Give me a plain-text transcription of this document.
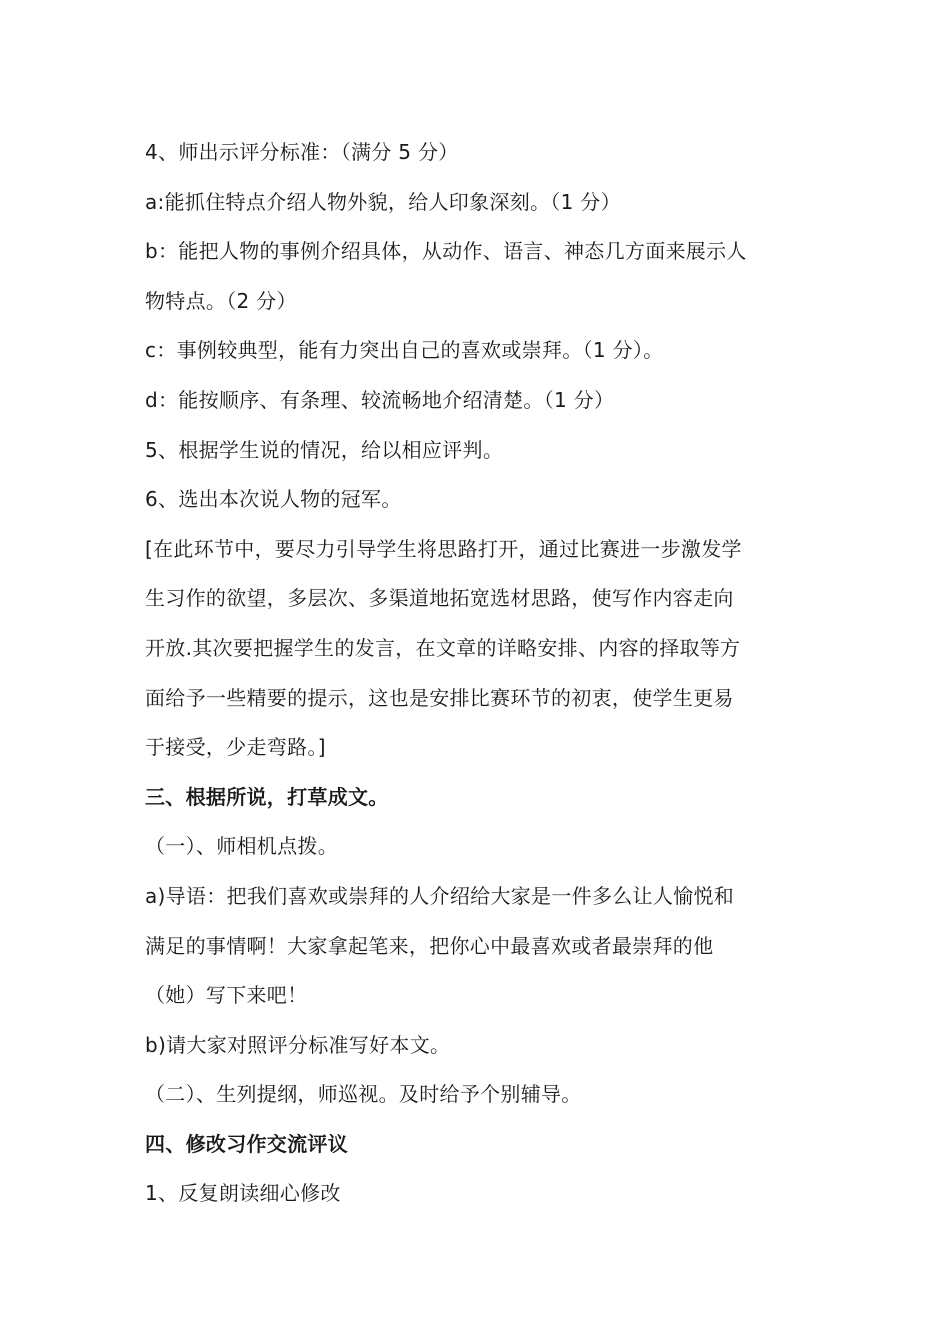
4、师出示评分标准：（满分 5 分）
a:能抓住特点介绍人物外貌，给人印象深刻。（1 分）
b：能把人物的事例介绍具体，从动作、语言、神态几方面来展示人
物特点。（2 分）
c：事例较典型，能有力突出自己的喜欢或崇拜。（1 分）。
d：能按顺序、有条理、较流畅地介绍清楚。（1 分）
5、根据学生说的情况，给以相应评判。
6、选出本次说人物的冠军。
[在此环节中，要尽力引导学生将思路打开，通过比赛进一步激发学
生习作的欲望，多层次、多渠道地拓宽选材思路，使写作内容走向
开放.其次要把握学生的发言，在文章的详略安排、内容的择取等方
面给予一些精要的提示，这也是安排比赛环节的初衷，使学生更易
于接受，少走弯路。]
三、根据所说，打草成文。
（一）、师相机点拨。
a)导语：把我们喜欢或崇拜的人介绍给大家是一件多么让人愉悦和
满足的事情啊！大家拿起笔来，把你心中最喜欢或者最崇拜的他
（她）写下来吧！
b)请大家对照评分标准写好本文。
（二）、生列提纲，师巡视。及时给予个别辅导。
四、修改习作交流评议
1、反复朗读细心修改
